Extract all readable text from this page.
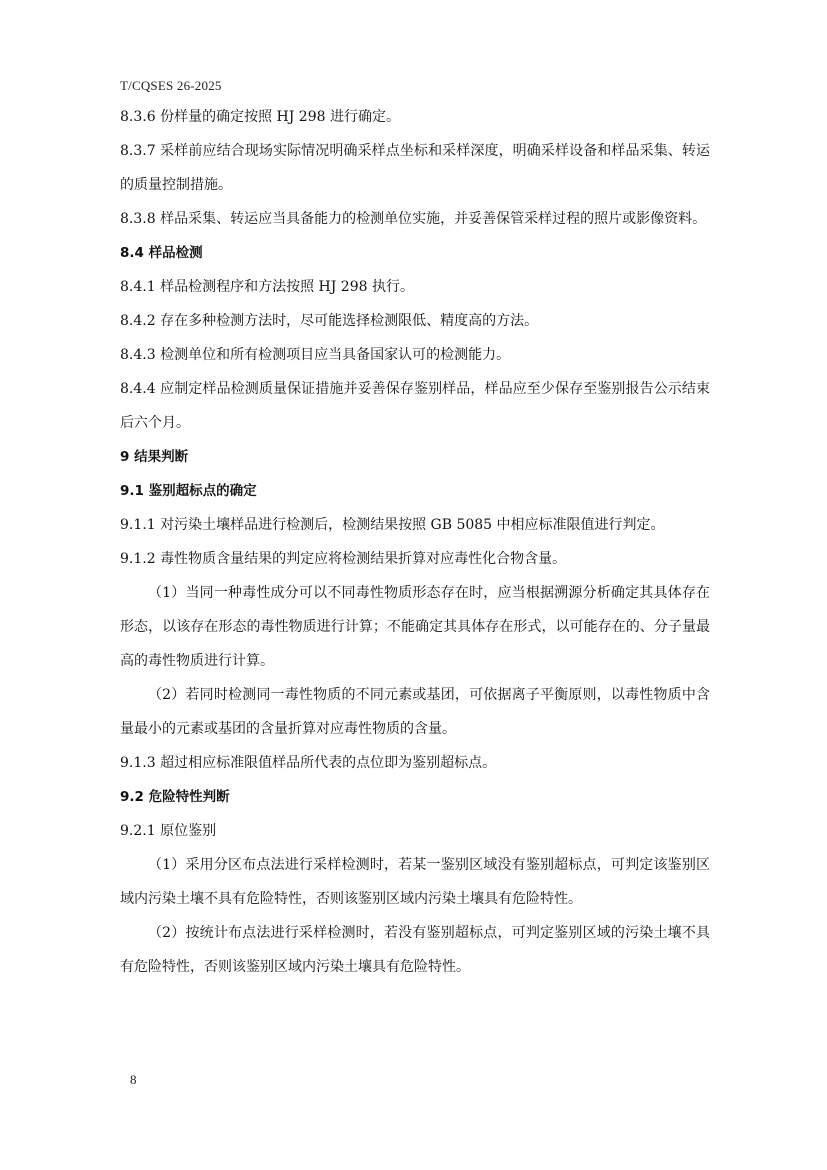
T/CQSES 26-2025

8.3.6 份样量的确定按照 HJ 298 进行确定。

8.3.7 采样前应结合现场实际情况明确采样点坐标和采样深度，明确采样设备和样品采集、转运的质量控制措施。

8.3.8 样品采集、转运应当具备能力的检测单位实施，并妥善保管采样过程的照片或影像资料。

8.4 样品检测

8.4.1 样品检测程序和方法按照 HJ 298 执行。

8.4.2 存在多种检测方法时，尽可能选择检测限低、精度高的方法。

8.4.3 检测单位和所有检测项目应当具备国家认可的检测能力。

8.4.4 应制定样品检测质量保证措施并妥善保存鉴别样品，样品应至少保存至鉴别报告公示结束后六个月。

9 结果判断

9.1 鉴别超标点的确定

9.1.1 对污染土壤样品进行检测后，检测结果按照 GB 5085 中相应标准限值进行判定。

9.1.2 毒性物质含量结果的判定应将检测结果折算对应毒性化合物含量。

（1）当同一种毒性成分可以不同毒性物质形态存在时，应当根据溯源分析确定其具体存在形态，以该存在形态的毒性物质进行计算；不能确定其具体存在形式，以可能存在的、分子量最高的毒性物质进行计算。

（2）若同时检测同一毒性物质的不同元素或基团，可依据离子平衡原则，以毒性物质中含量最小的元素或基团的含量折算对应毒性物质的含量。

9.1.3 超过相应标准限值样品所代表的点位即为鉴别超标点。

9.2 危险特性判断

9.2.1 原位鉴别

（1）采用分区布点法进行采样检测时，若某一鉴别区域没有鉴别超标点，可判定该鉴别区域内污染土壤不具有危险特性，否则该鉴别区域内污染土壤具有危险特性。

（2）按统计布点法进行采样检测时，若没有鉴别超标点，可判定鉴别区域的污染土壤不具有危险特性，否则该鉴别区域内污染土壤具有危险特性。

8
